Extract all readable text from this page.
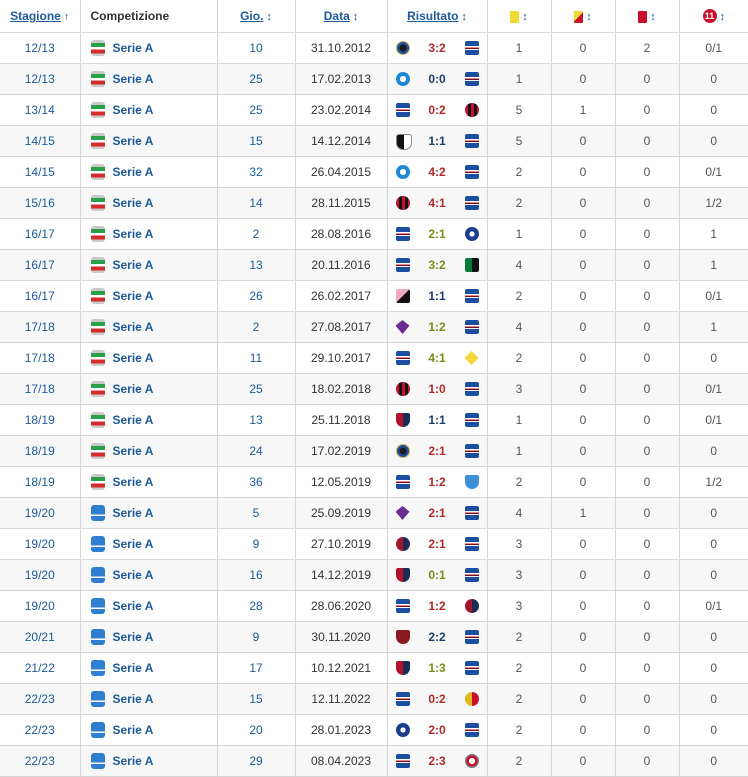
Stagione ↑	Competizione	Gio. ↕	Data ↕	Risultato ↕	↕	↕	↕	11 ↕
12/13	Serie A	10	31.10.2012	3:2	1	0	2	0/1
12/13	Serie A	25	17.02.2013	0:0	1	0	0	0
13/14	Serie A	25	23.02.2014	0:2	5	1	0	0
14/15	Serie A	15	14.12.2014	1:1	5	0	0	0
14/15	Serie A	32	26.04.2015	4:2	2	0	0	0/1
15/16	Serie A	14	28.11.2015	4:1	2	0	0	1/2
16/17	Serie A	2	28.08.2016	2:1	1	0	0	1
16/17	Serie A	13	20.11.2016	3:2	4	0	0	1
16/17	Serie A	26	26.02.2017	1:1	2	0	0	0/1
17/18	Serie A	2	27.08.2017	1:2	4	0	0	1
17/18	Serie A	11	29.10.2017	4:1	2	0	0	0
17/18	Serie A	25	18.02.2018	1:0	3	0	0	0/1
18/19	Serie A	13	25.11.2018	1:1	1	0	0	0/1
18/19	Serie A	24	17.02.2019	2:1	1	0	0	0
18/19	Serie A	36	12.05.2019	1:2	2	0	0	1/2
19/20	Serie A	5	25.09.2019	2:1	4	1	0	0
19/20	Serie A	9	27.10.2019	2:1	3	0	0	0
19/20	Serie A	16	14.12.2019	0:1	3	0	0	0
19/20	Serie A	28	28.06.2020	1:2	3	0	0	0/1
20/21	Serie A	9	30.11.2020	2:2	2	0	0	0
21/22	Serie A	17	10.12.2021	1:3	2	0	0	0
22/23	Serie A	15	12.11.2022	0:2	2	0	0	0
22/23	Serie A	20	28.01.2023	2:0	2	0	0	0
22/23	Serie A	29	08.04.2023	2:3	2	0	0	0
